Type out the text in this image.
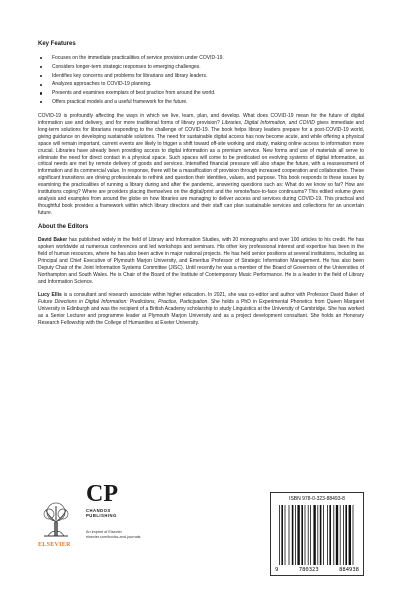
Key Features
Focuses on the immediate practicalities of service provision under COVID-19.
Considers longer-term strategic responses to emerging challenges.
Identifies key concerns and problems for librarians and library leaders.
Analyzes approaches to COVID-19 planning.
Presents and examines exemplars of best practice from around the world.
Offers practical models and a useful framework for the future.

COVID-19 is profoundly affecting the ways in which we live, learn, plan, and develop. What does COVID-19 mean for the future of digital information use and delivery, and for more traditional forms of library provision? Libraries, Digital Information, and COVID gives immediate and long-term solutions for librarians responding to the challenge of COVID-19. The book helps library leaders prepare for a post-COVID-19 world, giving guidance on developing sustainable solutions. The need for sustainable digital access has now become acute, and while offering a physical space will remain important, current events are likely to trigger a shift toward off-site working and study, making online access to information more crucial. Libraries have already been providing access to digital information as a premium service. New forms and use of materials all serve to eliminate the need for direct contact in a physical space. Such spaces will come to be predicated on evolving systems of digital information, as critical needs are met by remote delivery of goods and services. Intensified financial pressure will also shape the future, with a reassessment of information and its commercial value. In response, there will be a massification of provision through increased cooperation and collaboration. These significant transitions are driving professionals to rethink and question their identities, values, and purpose. This book responds to these issues by examining the practicalities of running a library during and after the pandemic, answering questions such as: What do we know so far? How are institutions coping? Where are providers placing themselves on the digital/print and the remote/face-to-face continuums? This edited volume gives analysis and examples from around the globe on how libraries are managing to deliver access and services during COVID-19. This practical and thoughtful book provides a framework within which library directors and their staff can plan sustainable services and collections for an uncertain future.

About the Editors

David Baker has published widely in the field of Library and Information Studies, with 20 monographs and over 100 articles to his credit. He has spoken worldwide at numerous conferences and led workshops and seminars. His other key professional interest and expertise has been in the field of human resources, where he has also been active in major national projects. He has held senior positions at several institutions, including as Principal and Chief Executive of Plymouth Marjon University, and Emeritus Professor of Strategic Information Management. He has also been Deputy Chair of the Joint Information Systems Committee (JISC). Until recently he was a member of the Board of Governors of the Universities of Northampton and South Wales. He is Chair of the Board of the Institute of Contemporary Music Performance. He is a leader in the field of Library and Information Science.

Lucy Ellis is a consultant and research associate within higher education. In 2021, she was co-editor and author with Professor David Baker of Future Directions in Digital Information: Predictions, Practice, Participation. She holds a PhD in Experimental Phonetics from Queen Margaret University in Edinburgh and was the recipient of a British Academy scholarship to study Linguistics at the University of Cambridge. She has worked as a Senior Lecturer and programme leader at Plymouth Marjon University and as a project development consultant. She holds an Honorary Research Fellowship with the College of Humanities at Exeter University.

ELSEVIER
CP
CHANDOS
PUBLISHING
An imprint of Elsevier
elsevier.com/books-and-journals
ISBN 978-0-323-88493-8
9	780323	884938
